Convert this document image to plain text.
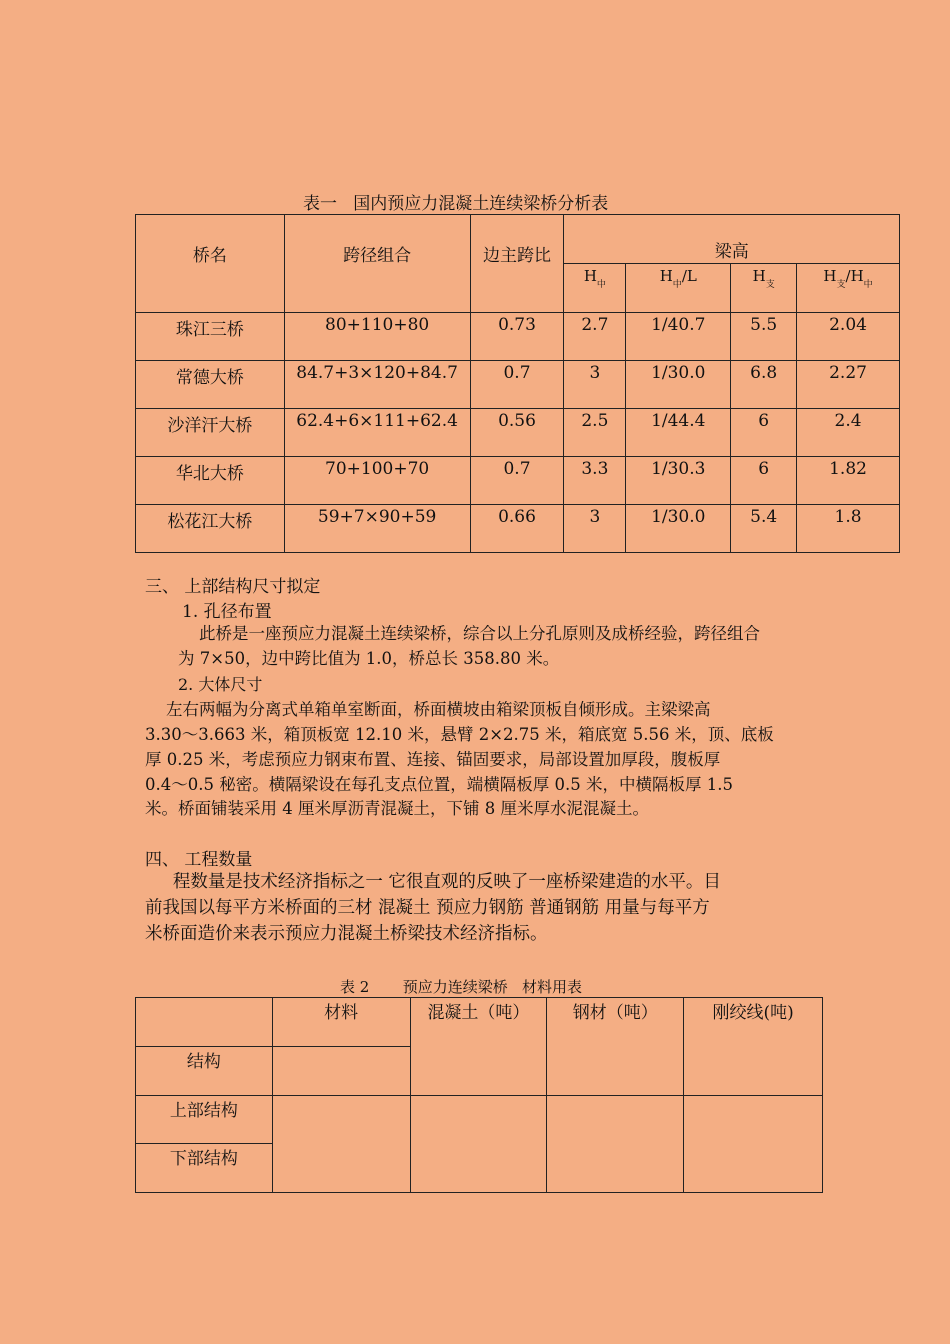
表一   国内预应力混凝土连续梁桥分析表
桥名	跨径组合	边主跨比	梁高			
			$H_中$	$H_中/L$	$H_支$	$H_支/H_中$
珠江三桥	80+110+80	0.73	2.7	1/40.7	5.5	2.04
常德大桥	84.7+3×120+84.7	0.7	3	1/30.0	6.8	2.27
沙洋汗大桥	62.4+6×111+62.4	0.56	2.5	1/44.4	6	2.4
华北大桥	70+100+70	0.7	3.3	1/30.3	6	1.82
松花江大桥	59+7×90+59	0.66	3	1/30.0	5.4	1.8
三、 上部结构尺寸拟定
1. 孔径布置
此桥是一座预应力混凝土连续梁桥，综合以上分孔原则及成桥经验，跨径组合
为 7×50，边中跨比值为 1.0，桥总长 358.80 米。
2. 大体尺寸
左右两幅为分离式单箱单室断面，桥面横坡由箱梁顶板自倾形成。主梁梁高
3.30～3.663 米，箱顶板宽 12.10 米，悬臂 2×2.75 米，箱底宽 5.56 米，顶、底板
厚 0.25 米，考虑预应力钢束布置、连接、锚固要求，局部设置加厚段，腹板厚
0.4～0.5 秘密。横隔梁设在每孔支点位置，端横隔板厚 0.5 米，中横隔板厚 1.5
米。桥面铺装采用 4 厘米厚沥青混凝土，下铺 8 厘米厚水泥混凝土。
四、 工程数量
程数量是技术经济指标之一 它很直观的反映了一座桥梁建造的水平。目
前我国以每平方米桥面的三材 混凝土 预应力钢筋 普通钢筋 用量与每平方
米桥面造价来表示预应力混凝土桥梁技术经济指标。
表 2       预应力连续梁桥   材料用表
	材料	混凝土（吨）	钢材（吨）	刚绞线(吨)
结构				
上部结构				
下部结构				
